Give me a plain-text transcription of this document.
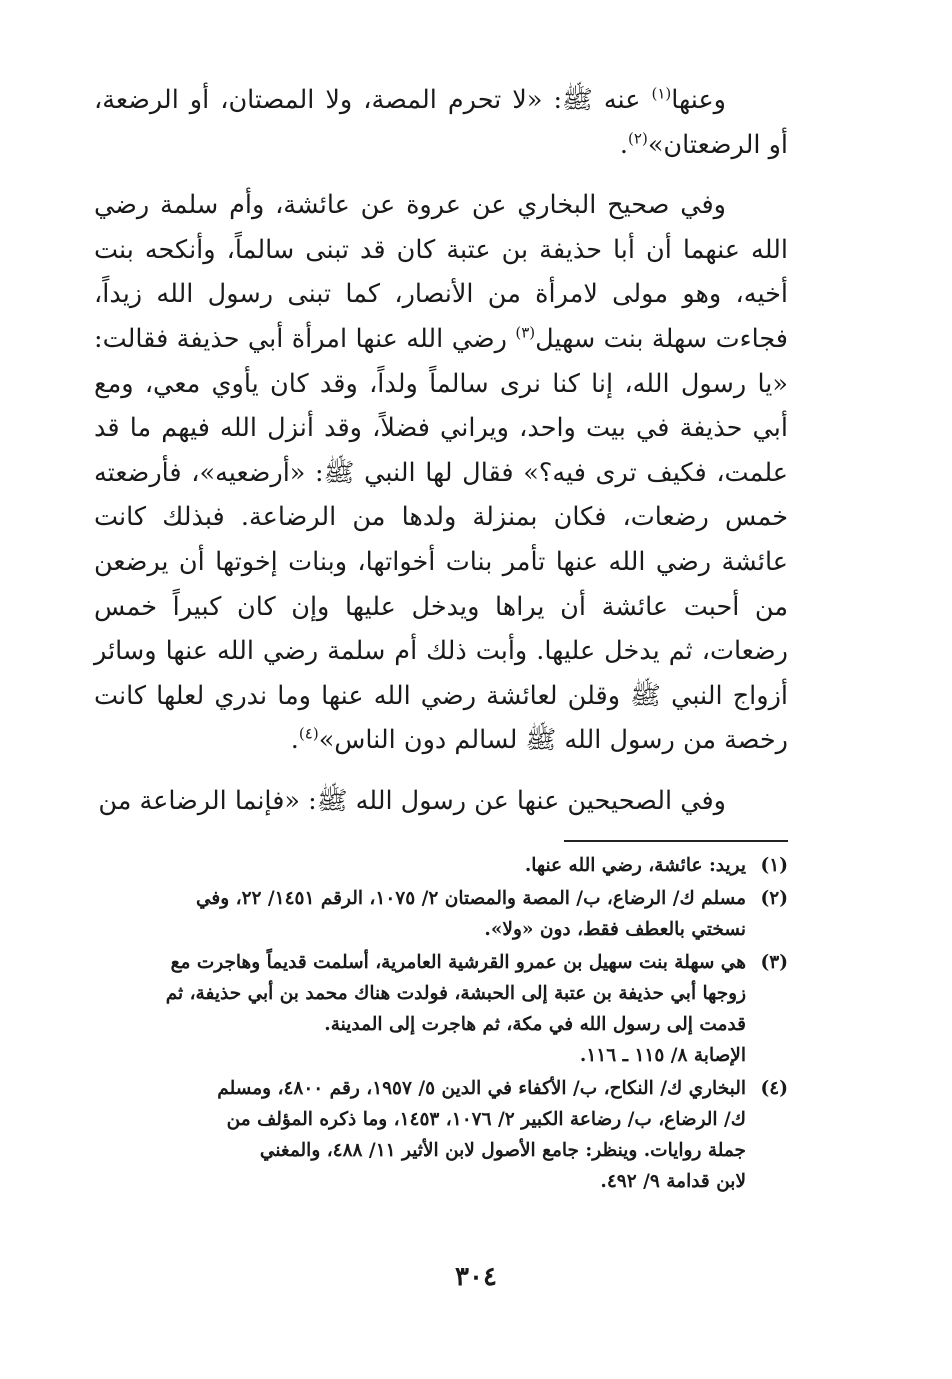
وعنها$^{(١)}$ عنه ﷺ: «لا تحرم المصة، ولا المصتان، أو الرضعة، أو الرضعتان»$^{(٢)}$.

وفي صحيح البخاري عن عروة عن عائشة، وأم سلمة رضي الله عنهما أن أبا حذيفة بن عتبة كان قد تبنى سالماً، وأنكحه بنت أخيه، وهو مولى لامرأة من الأنصار، كما تبنى رسول الله زيداً، فجاءت سهلة بنت سهيل$^{(٣)}$ رضي الله عنها امرأة أبي حذيفة فقالت: «يا رسول الله، إنا كنا نرى سالماً ولداً، وقد كان يأوي معي، ومع أبي حذيفة في بيت واحد، ويراني فضلاً، وقد أنزل الله فيهم ما قد علمت، فكيف ترى فيه؟» فقال لها النبي ﷺ: «أرضعيه»، فأرضعته خمس رضعات، فكان بمنزلة ولدها من الرضاعة. فبذلك كانت عائشة رضي الله عنها تأمر بنات أخواتها، وبنات إخوتها أن يرضعن من أحبت عائشة أن يراها ويدخل عليها وإن كان كبيراً خمس رضعات، ثم يدخل عليها. وأبت ذلك أم سلمة رضي الله عنها وسائر أزواج النبي ﷺ وقلن لعائشة رضي الله عنها وما ندري لعلها كانت رخصة من رسول الله ﷺ لسالم دون الناس»$^{(٤)}$.

وفي الصحيحين عنها عن رسول الله ﷺ: «فإنما الرضاعة من

(١)
يريد: عائشة، رضي الله عنها.
(٢)
مسلم ك/ الرضاع، ب/ المصة والمصتان ٢/ ١٠٧٥، الرقم ١٤٥١/ ٢٢، وفي
نسختي بالعطف فقط، دون «ولا».
(٣)
هي سهلة بنت سهيل بن عمرو القرشية العامرية، أسلمت قديماً وهاجرت مع
زوجها أبي حذيفة بن عتبة إلى الحبشة، فولدت هناك محمد بن أبي حذيفة، ثم
قدمت إلى رسول الله في مكة، ثم هاجرت إلى المدينة.
الإصابة ٨/ ١١٥ ـ ١١٦.
(٤)
البخاري ك/ النكاح، ب/ الأكفاء في الدين ٥/ ١٩٥٧، رقم ٤٨٠٠، ومسلم
ك/ الرضاع، ب/ رضاعة الكبير ٢/ ١٠٧٦، ١٤٥٣، وما ذكره المؤلف من
جملة روايات. وينظر: جامع الأصول لابن الأثير ١١/ ٤٨٨، والمغني
لابن قدامة ٩/ ٤٩٢.
٣٠٤
